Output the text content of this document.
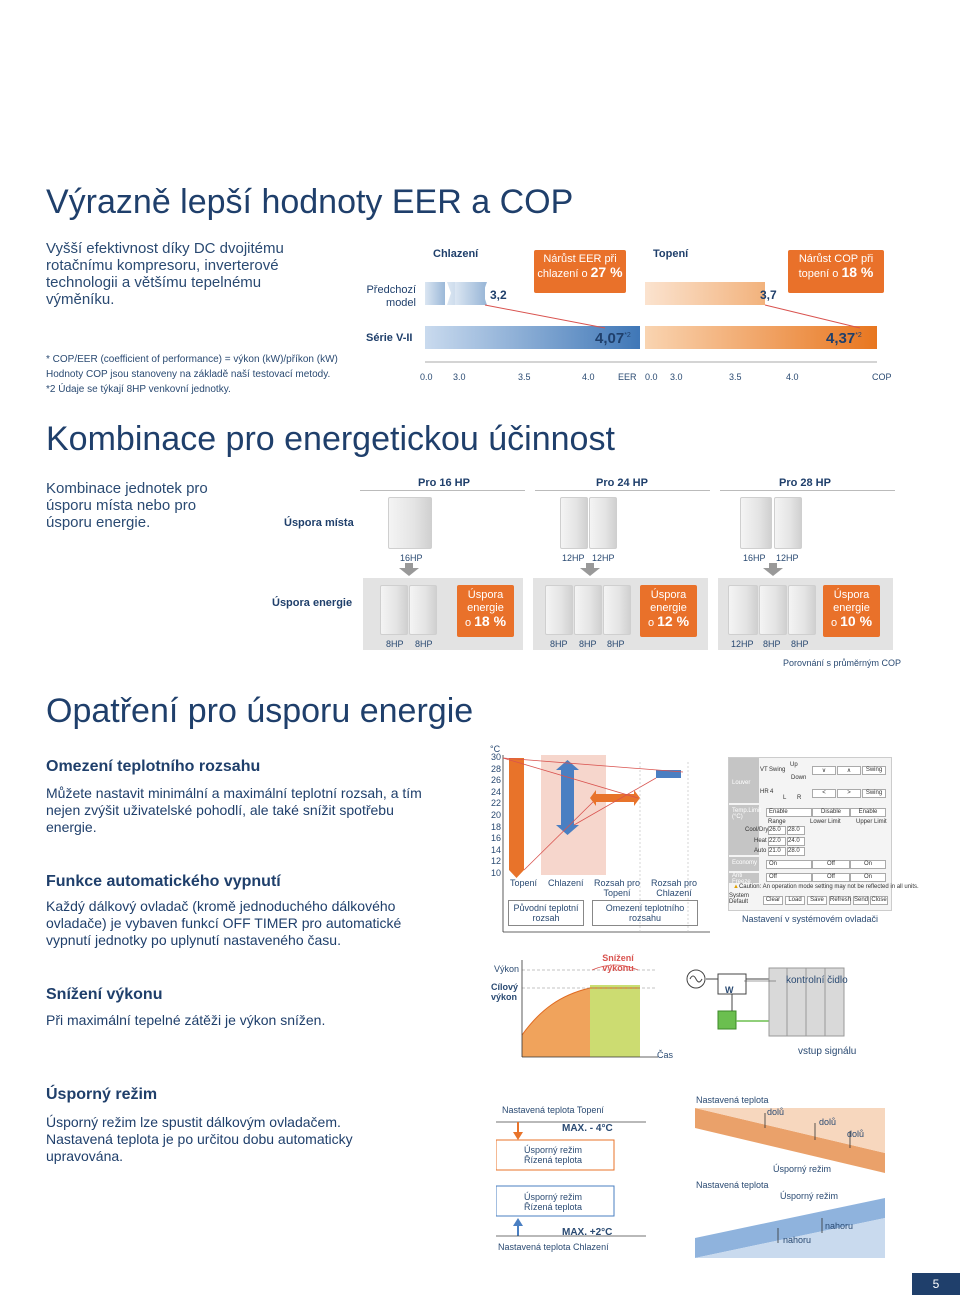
Výrazně lepší hodnoty EER a COP
Vyšší efektivnost díky DC dvojitému rotačnímu kompresoru, inverterové technologii a většímu tepelnému výměníku.
* COP/EER (coefficient of performance) = výkon (kW)/příkon (kW)
Hodnoty COP jsou stanoveny na základě naší testovací metody.
*2 Údaje se týkají 8HP venkovní jednotky.
Předchozí model
Série V-II
Chlazení	Topení
3,2	3,7
4,07$^{*2}$	4,37$^{*2}$
Nárůst EER při
chlazení o 27 %
Nárůst COP při
topení o 18 %
0.0 3.0	3.5	4.0	EER 0.0 3.0	3.5	4.0	COP
Kombinace pro energetickou účinnost
Kombinace jednotek pro úsporu místa nebo pro úsporu energie.	Úspora místa
Úspora energie
Pro 16 HP	Pro 24 HP	Pro 28 HP
16HP	12HP 12HP	16HP 12HP
Úspora
energie
o 18 %
Úspora
energie
o 12 %
Úspora
energie
o 10 %
8HP 8HP	8HP 8HP 8HP	12HP 8HP 8HP
Porovnání s průměrným COP
Opatření pro úsporu energie
Omezení teplotního rozsahu
Můžete nastavit minimální a maximální teplotní rozsah, a tím nejen zvýšit uživatelské pohodlí, ale také snížit spotřebu energie.
Funkce automatického vypnutí
Každý dálkový ovladač (kromě jednoduchého dálkového ovladače) je vybaven funkcí OFF TIMER pro automatické vypnutí jednotky po uplynutí nastaveného času.
Snížení výkonu
Při maximální tepelné zátěži je výkon snížen.
Úsporný režim
Úsporný režim lze spustit dálkovým ovladačem. Nastavená teplota je po určitou dobu automaticky upravována.
°C
30
28
26
24
22
20
18
16
14
12
10
Topení Chlazení Rozsah pro Topení
Rozsah pro Chlazení
Původní teplotní rozsah
Omezení teplotního rozsahu
Louver
Temp.Limit (°C)
Economy
Anti Freeze
System Default
VT Swing
Up
Down
∨	∧	Swing
HR 4
L R
<	>	Swing
Enable	Disable	Enable
Range	Lower Limit	Upper Limit
Cool/Dry 26.0	28.0
Heat 22.0	24.0
Auto 21.0	28.0
On	Off	On
Off	Off	On
▲Caution: An operation mode setting may not be reflected in all units.
Clear	Load	Save	Refresh Send Close
Nastavení v systémovém ovladači
Výkon
Cílový výkon
Snížení výkonu
Čas
W
kontrolní čidlo
vstup signálu
Nastavená teplota Topení
MAX. - 4°C
Úsporný režim Řízená teplota
Úsporný režim Řízená teplota
MAX. +2°C
Nastavená teplota Chlazení
Nastavená teplota
dolů
dolů
dolů
Úsporný režim
Nastavená teplota
Úsporný režim
nahoru
nahoru
5
